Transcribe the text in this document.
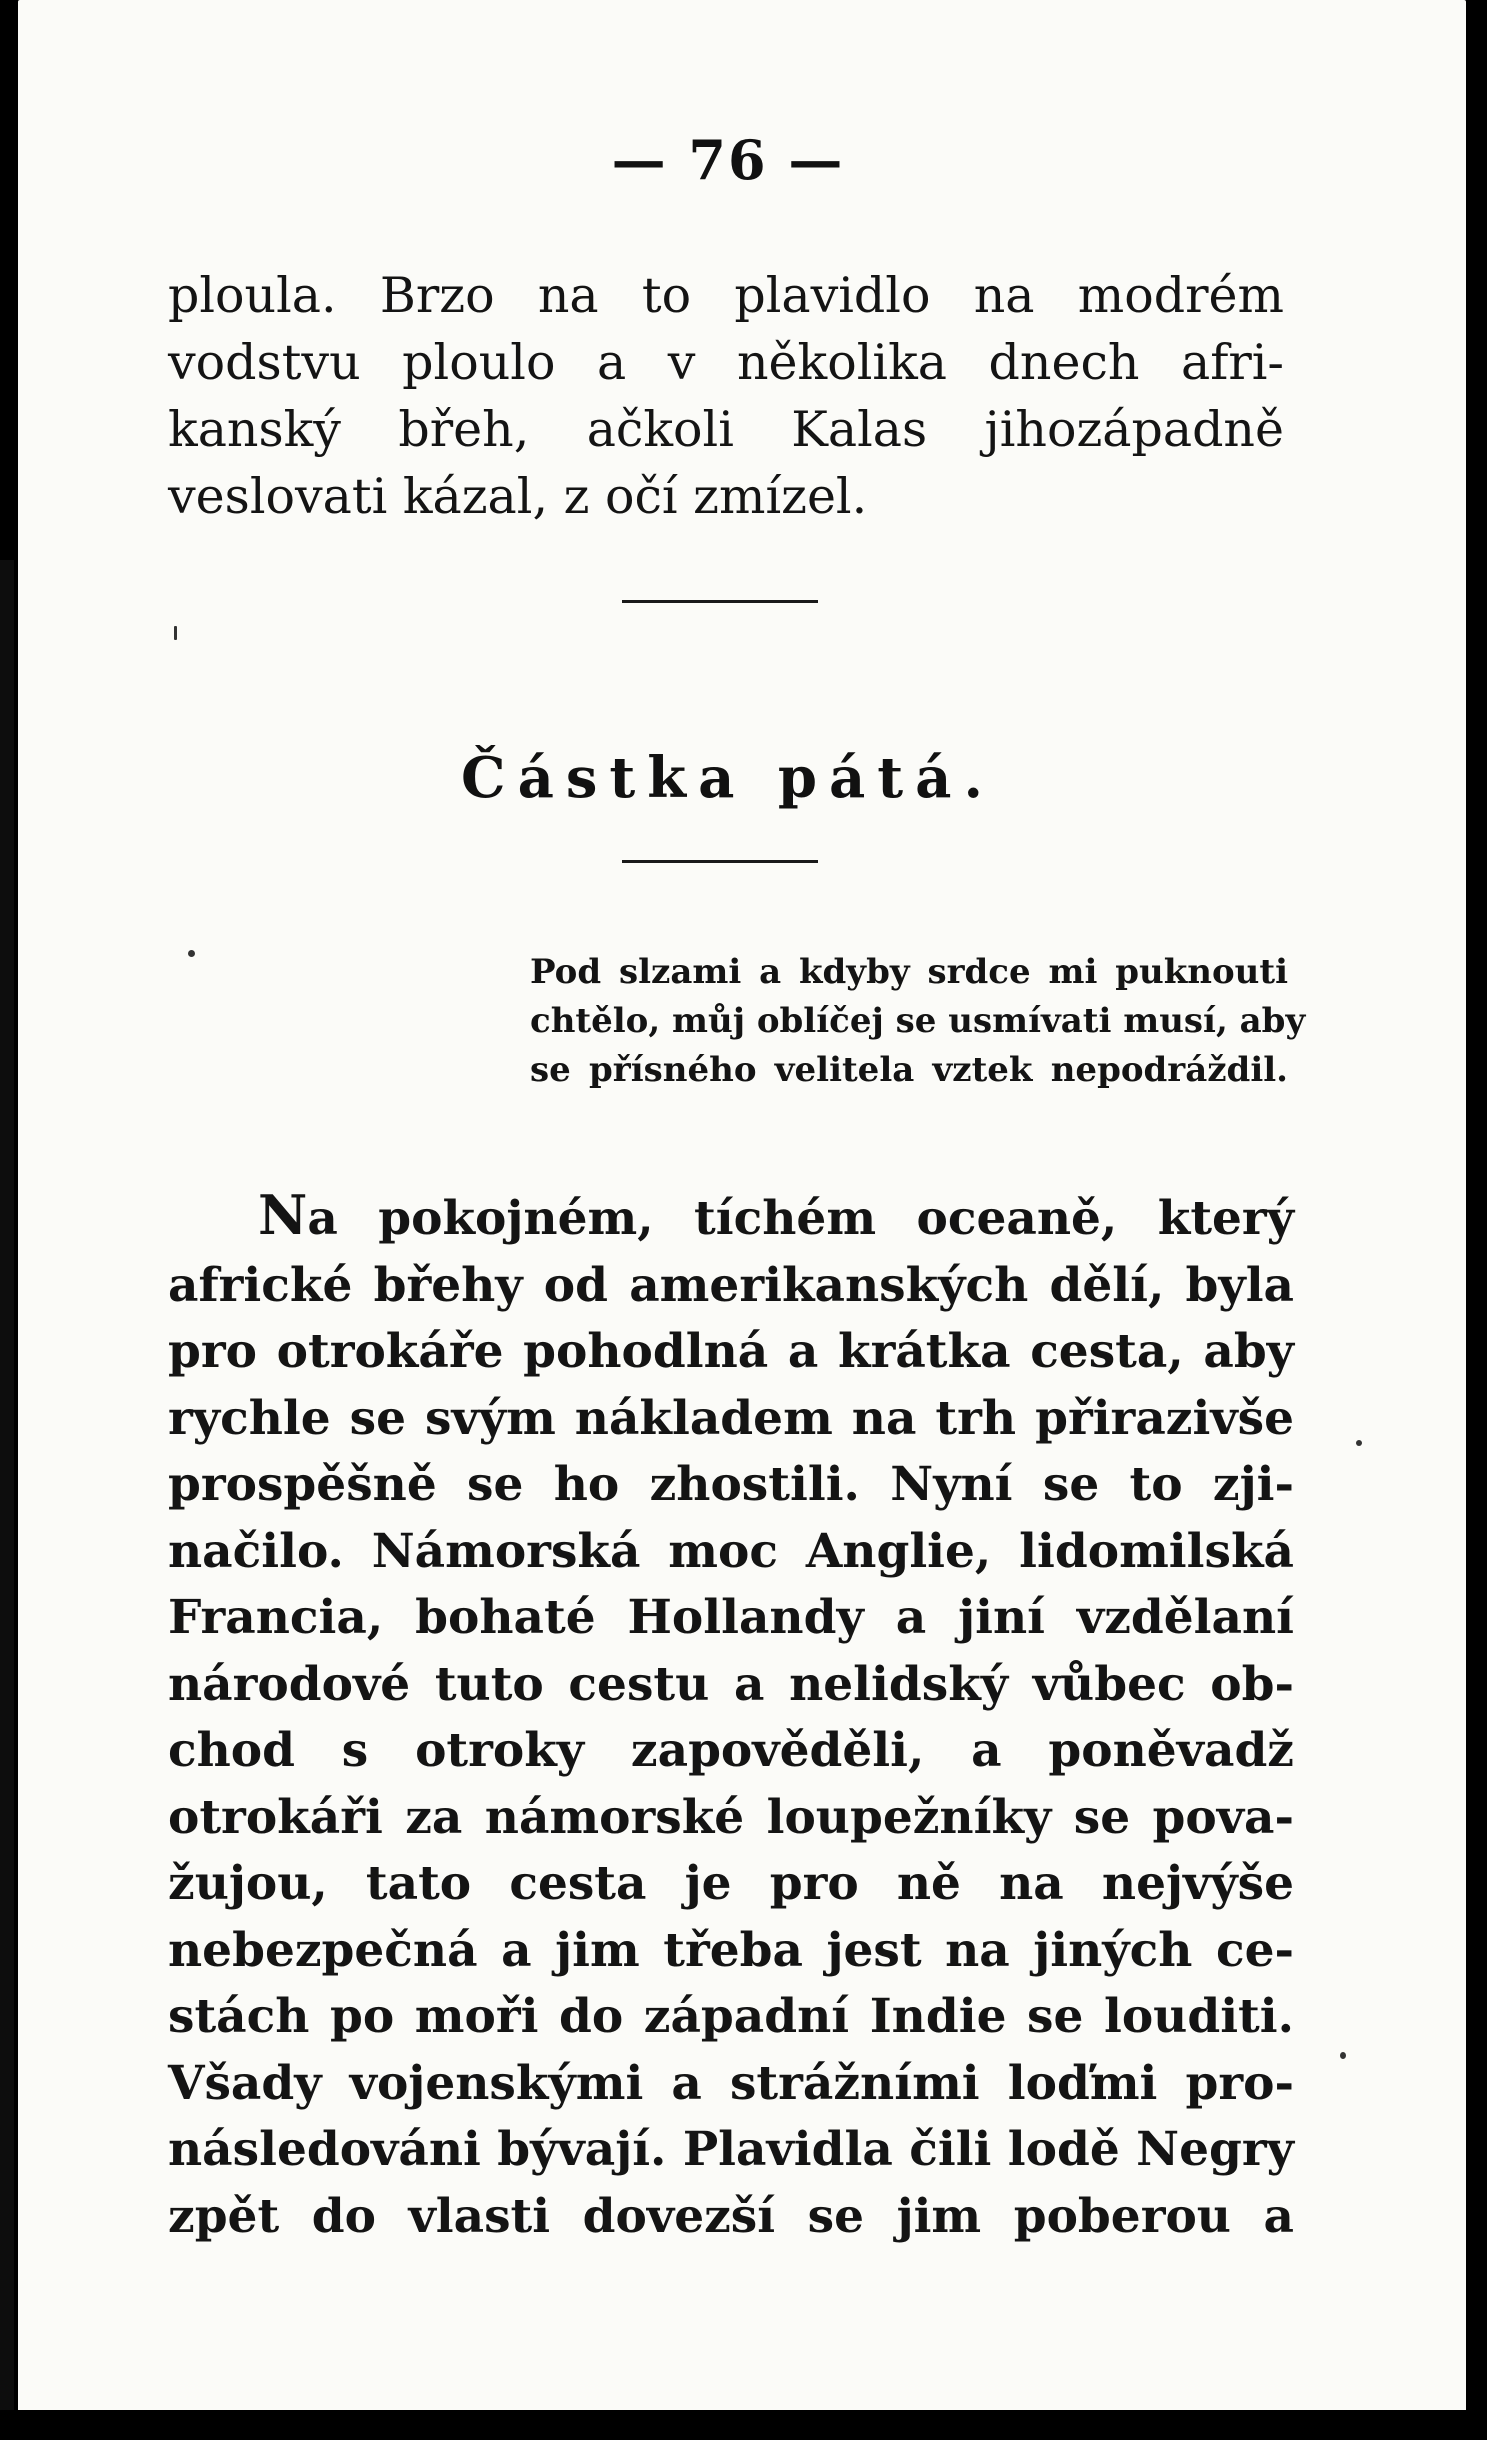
— 76 —
ploula. Brzo na to plavidlo na modrém
vodstvu ploulo a v několika dnech afri-
kanský břeh, ačkoli Kalas jihozápadně
veslovati kázal, z očí zmízel.
Částka pátá.
Pod slzami a kdyby srdce mi puknouti
chtělo, můj oblíčej se usmívati musí, aby
se přísného velitela vztek nepodráždil.
Na pokojném, tíchém oceaně, který
africké břehy od amerikanských dělí, byla
pro otrokáře pohodlná a krátka cesta, aby
rychle se svým nákladem na trh přirazivše
prospěšně se ho zhostili. Nyní se to zji-
načilo. Námorská moc Anglie, lidomilská
Francia, bohaté Hollandy a jiní vzdělaní
národové tuto cestu a nelidský vůbec ob-
chod s otroky zapověděli, a poněvadž
otrokáři za námorské loupežníky se pova-
žujou, tato cesta je pro ně na nejvýše
nebezpečná a jim třeba jest na jiných ce-
stách po moři do západní Indie se louditi.
Všady vojenskými a strážními loďmi pro-
následováni bývají. Plavidla čili lodě Negry
zpět do vlasti dovezší se jim poberou a
